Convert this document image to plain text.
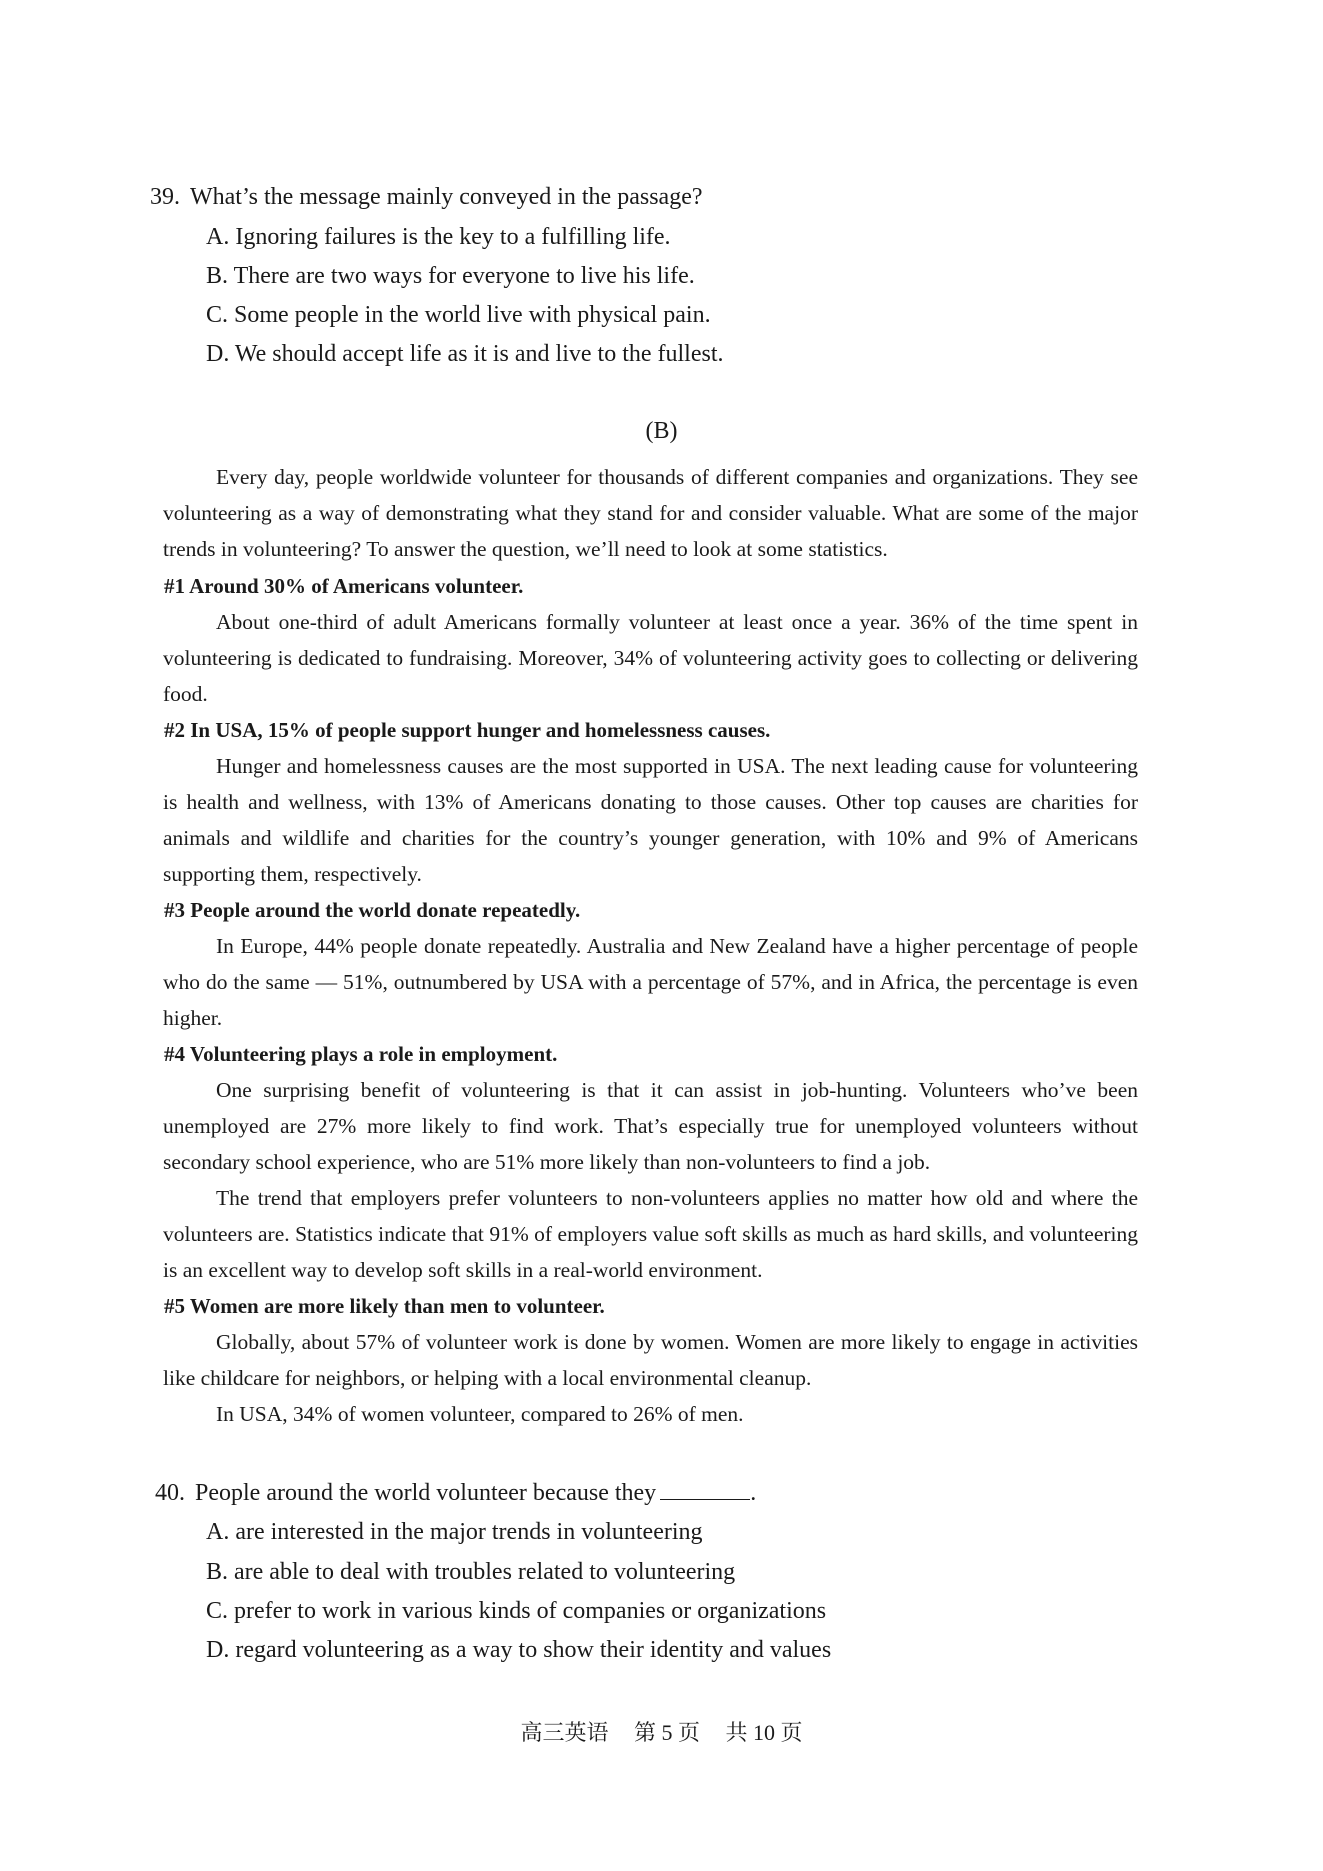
39. What’s the message mainly conveyed in the passage?
A. Ignoring failures is the key to a fulfilling life.
B. There are two ways for everyone to live his life.
C. Some people in the world live with physical pain.
D. We should accept life as it is and live to the fullest.
(B)
Every day, people worldwide volunteer for thousands of different companies and organizations. They see volunteering as a way of demonstrating what they stand for and consider valuable. What are some of the major trends in volunteering? To answer the question, we’ll need to look at some statistics.
#1 Around 30% of Americans volunteer.
About one-third of adult Americans formally volunteer at least once a year. 36% of the time spent in volunteering is dedicated to fundraising. Moreover, 34% of volunteering activity goes to collecting or delivering food.
#2 In USA, 15% of people support hunger and homelessness causes.
Hunger and homelessness causes are the most supported in USA. The next leading cause for volunteering is health and wellness, with 13% of Americans donating to those causes. Other top causes are charities for animals and wildlife and charities for the country’s younger generation, with 10% and 9% of Americans supporting them, respectively.
#3 People around the world donate repeatedly.
In Europe, 44% people donate repeatedly. Australia and New Zealand have a higher percentage of people who do the same — 51%, outnumbered by USA with a percentage of 57%, and in Africa, the percentage is even higher.
#4 Volunteering plays a role in employment.
One surprising benefit of volunteering is that it can assist in job-hunting. Volunteers who’ve been unemployed are 27% more likely to find work. That’s especially true for unemployed volunteers without secondary school experience, who are 51% more likely than non-volunteers to find a job.
The trend that employers prefer volunteers to non-volunteers applies no matter how old and where the volunteers are. Statistics indicate that 91% of employers value soft skills as much as hard skills, and volunteering is an excellent way to develop soft skills in a real-world environment.
#5 Women are more likely than men to volunteer.
Globally, about 57% of volunteer work is done by women. Women are more likely to engage in activities like childcare for neighbors, or helping with a local environmental cleanup.
In USA, 34% of women volunteer, compared to 26% of men.
40. People around the world volunteer because they	.
A. are interested in the major trends in volunteering
B. are able to deal with troubles related to volunteering
C. prefer to work in various kinds of companies or organizations
D. regard volunteering as a way to show their identity and values
高三英语 第 5 页 共 10 页
